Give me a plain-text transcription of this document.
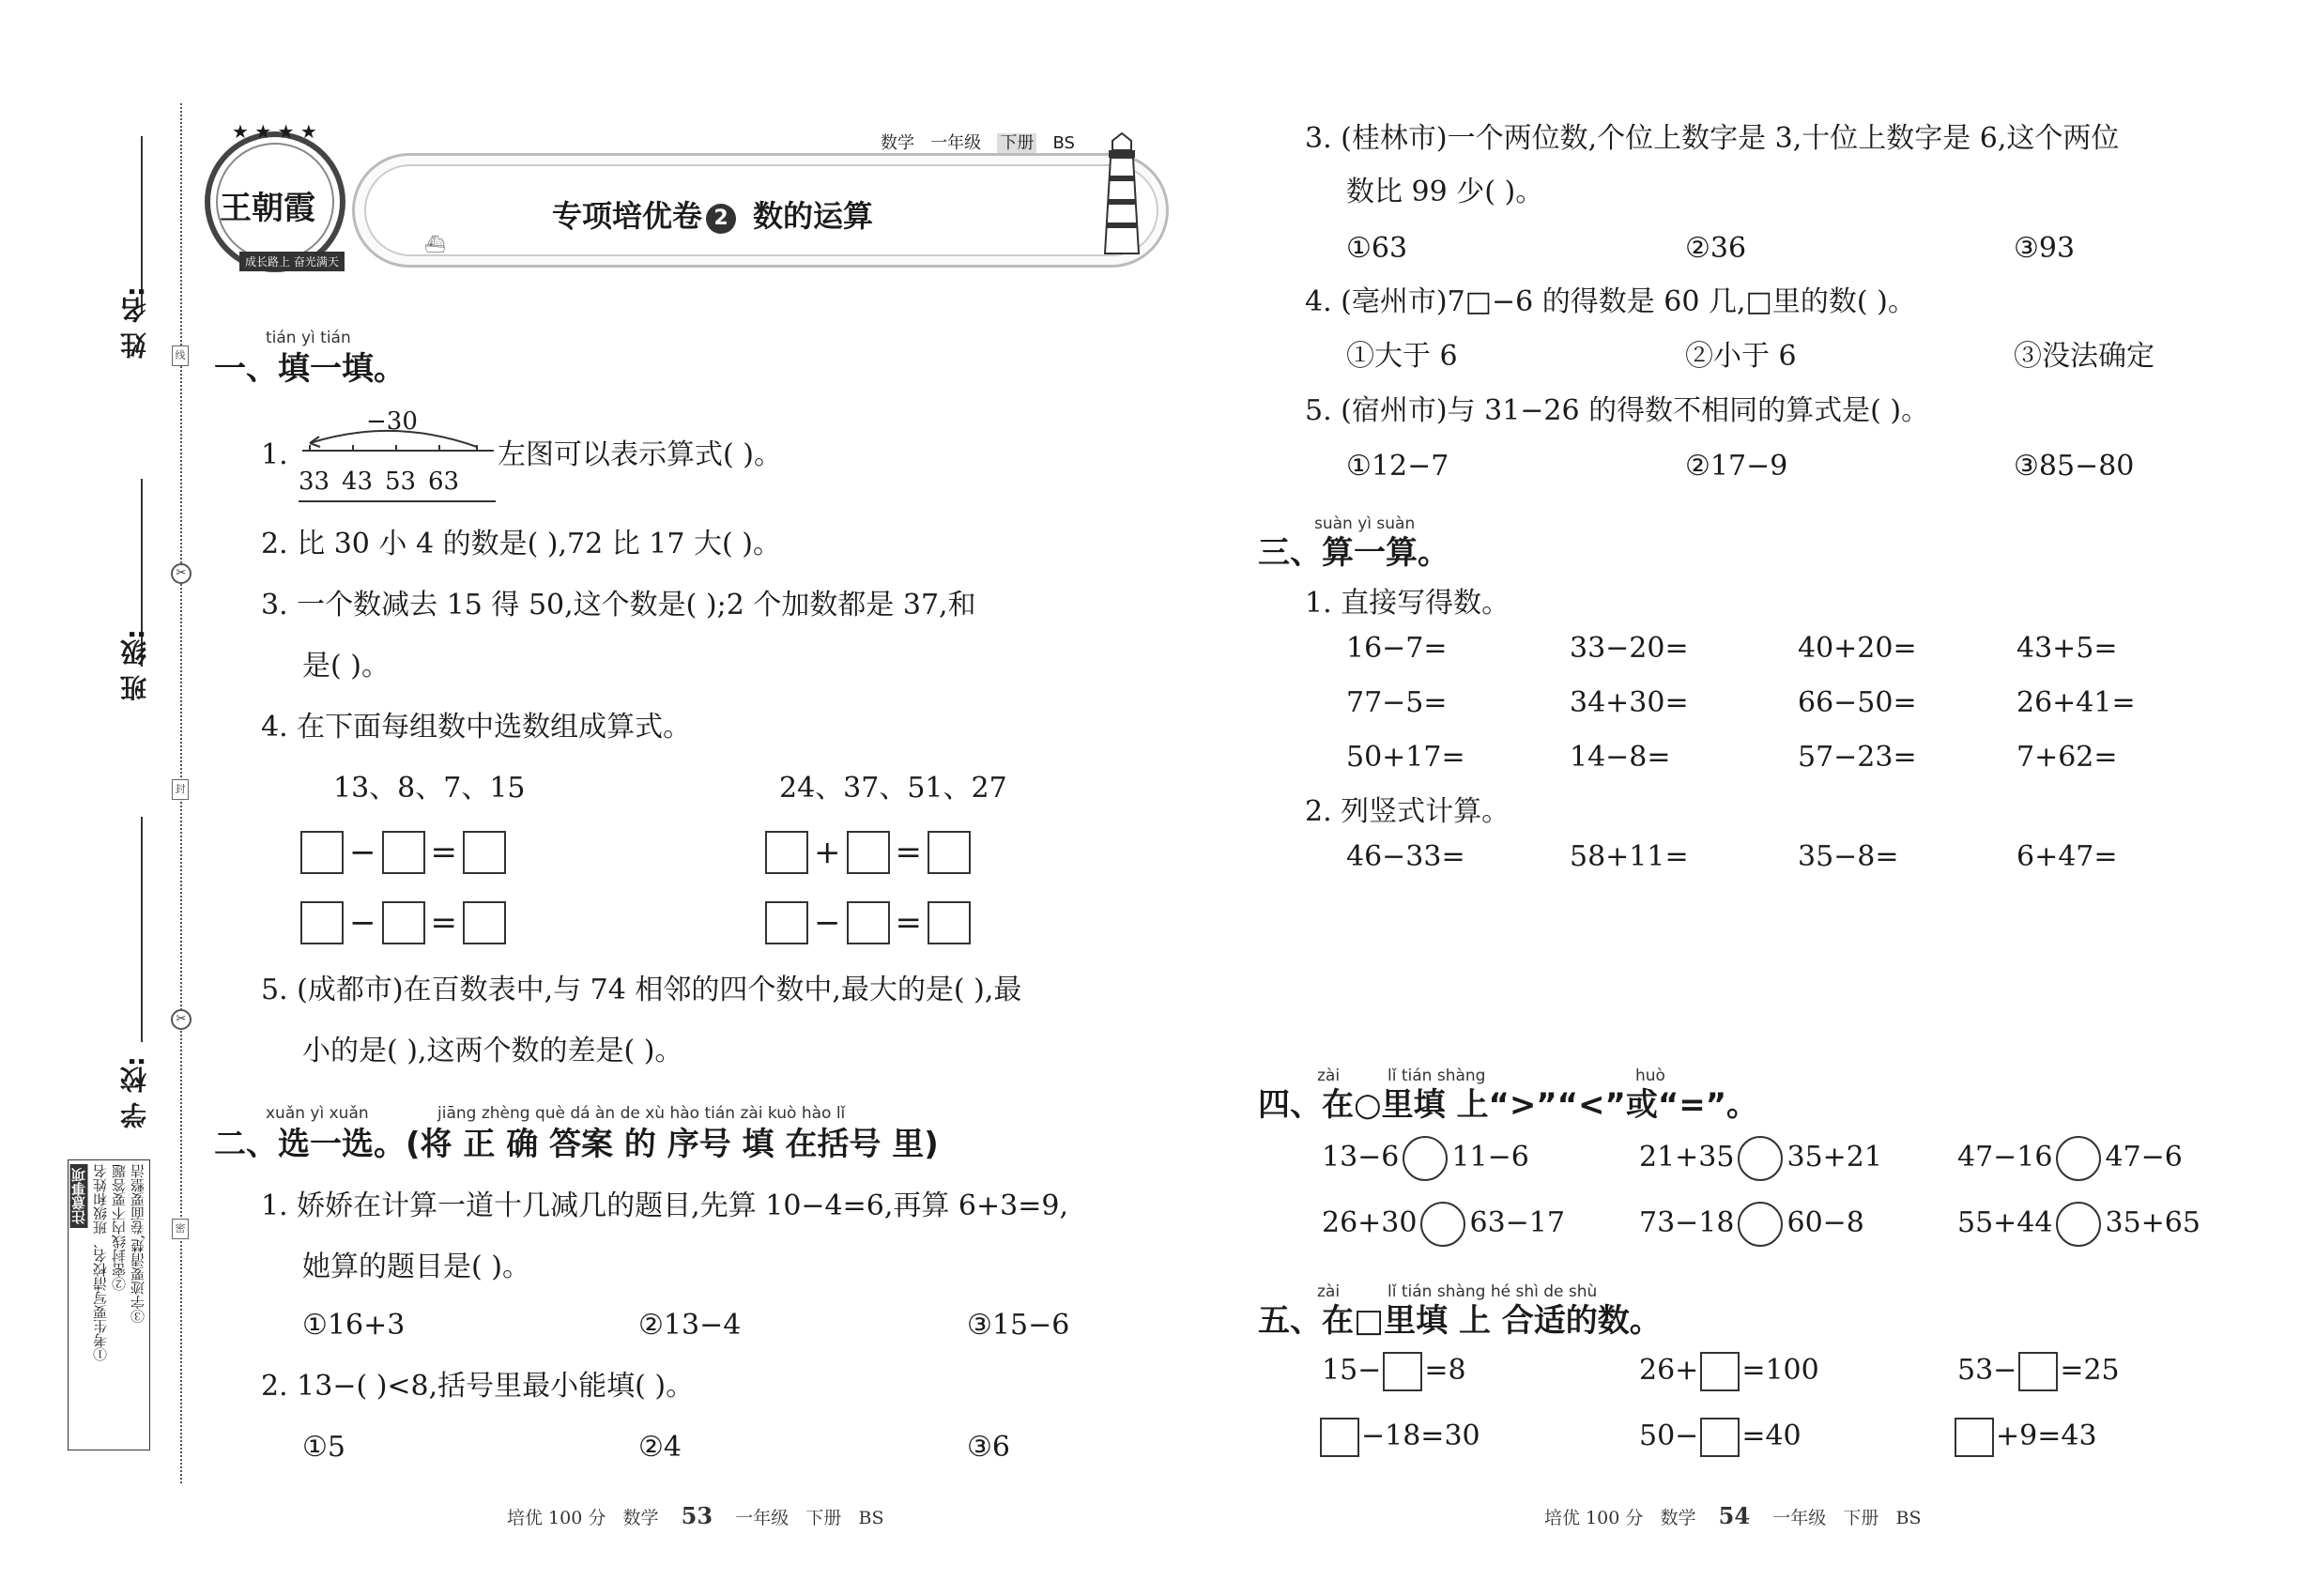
线
封
密
✂
✂
姓 名:
班 级:
学 校:
注意事项 ①考生要写清校名、班级和姓名 ②密封线内不要答题 ③字迹要清楚,卷面要整洁
王朝霞
★ ★ ★ ★
成长路上 奋光满天
数学 一年级 下册 BS
专项培优卷 2 数的运算
⛴
tián yì tián
一、填一填。
1.
−30
33 43 53 63
左图可以表示算式( )。
2. 比 30 小 4 的数是( ),72 比 17 大( )。
3. 一个数减去 15 得 50,这个数是( );2 个加数都是 37,和
是( )。
4. 在下面每组数中选数组成算式。
13、8、7、15	24、37、51、27
− =	+ =
− =	− =
5. (成都市)在百数表中,与 74 相邻的四个数中,最大的是( ),最
小的是( ),这两个数的差是( )。
xuǎn yì xuǎn	jiāng zhèng què dá àn de xù hào tián zài kuò hào lǐ
二、选一选。(将 正 确 答案 的 序号 填 在括号 里)
1. 娇娇在计算一道十几减几的题目,先算 10−4=6,再算 6+3=9,
她算的题目是( )。
①16+3	②13−4	③15−6
2. 13−( )<8,括号里最小能填( )。
①5	②4	③6
培优 100 分 数学 53 一年级 下册 BS
3. (桂林市)一个两位数,个位上数字是 3,十位上数字是 6,这个两位
数比 99 少( )。
①63	②36	③93
4. (亳州市)7□−6 的得数是 60 几,□里的数( )。
①大于 6	②小于 6	③没法确定
5. (宿州市)与 31−26 的得数不相同的算式是( )。
①12−7	②17−9	③85−80
suàn yì suàn
三、算一算。
1. 直接写得数。
16−7=	33−20=	40+20=	43+5=
77−5=	34+30=	66−50=	26+41=
50+17=	14−8=	57−23=	7+62=
2. 列竖式计算。
46−33=	58+11=	35−8=	6+47=
zài	lǐ tián shàng	huò
四、在○里填 上“>”“<”或“=”。
13−6 11−6	21+35 35+21	47−16 47−6
26+30 63−17	73−18 60−8	55+44 35+65
zài	lǐ tián shàng hé shì de shù
五、在□里填 上 合适的数。
15− =8	26+ =100	53− =25
−18=30	50− =40	+9=43
培优 100 分 数学 54 一年级 下册 BS
